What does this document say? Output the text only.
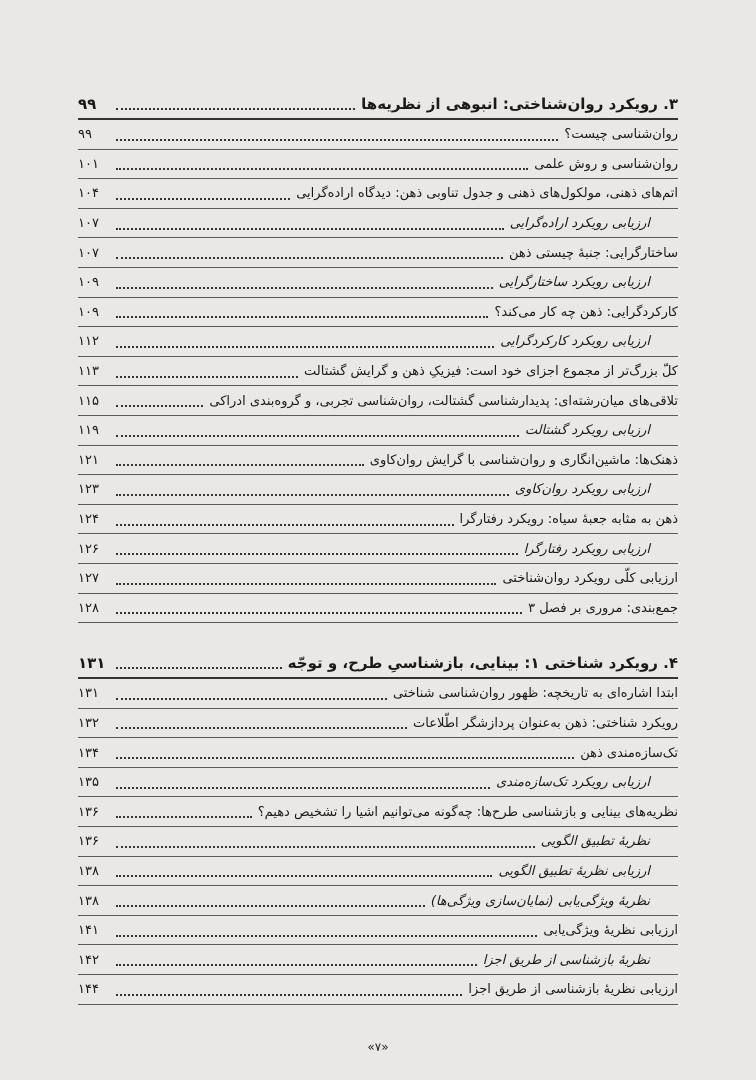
۳. رویکرد روان‌شناختی: انبوهی از نظریه‌ها
۹۹
روان‌شناسی چیست؟
۹۹
روان‌شناسی و روش علمی
۱۰۱
اتم‌های ذهنی، مولکول‌های ذهنی و جدول تناوبی ذهن: دیدگاه اراده‌گرایی
۱۰۴
ارزیابی رویکرد اراده‌گرایی
۱۰۷
ساختارگرایی: جنبهٔ چیستی ذهن
۱۰۷
ارزیابی رویکرد ساختارگرایی
۱۰۹
کارکردگرایی: ذهن چه کار می‌کند؟
۱۰۹
ارزیابی رویکرد کارکردگرایی
۱۱۲
کلّ بزرگ‌تر از مجموع اجزای خود است: فیزیکِ ذهن و گرایش گشتالت
۱۱۳
تلاقی‌های میان‌رشته‌ای: پدیدارشناسی گشتالت، روان‌شناسی تجربی، و گروه‌بندی ادراکی
۱۱۵
ارزیابی رویکرد گشتالت
۱۱۹
ذهنک‌ها: ماشین‌انگاری و روان‌شناسی با گرایش روان‌کاوی
۱۲۱
ارزیابی رویکرد روان‌کاوی
۱۲۳
ذهن به مثابه جعبهٔ سیاه: رویکرد رفتارگرا
۱۲۴
ارزیابی رویکرد رفتارگرا
۱۲۶
ارزیابی کلّی رویکرد روان‌شناختی
۱۲۷
جمع‌بندی: مروری بر فصل ۳
۱۲۸
۴. رویکرد شناختی ۱: بینایی، بازشناسیِ طرح، و توجّه
۱۳۱
ابتدا اشاره‌ای به تاریخچه: ظهور روان‌شناسی شناختی
۱۳۱
رویکرد شناختی: ذهن به‌عنوان پردازشگر اطّلاعات
۱۳۲
تک‌سازه‌مندی ذهن
۱۳۴
ارزیابی رویکرد تک‌سازه‌مندی
۱۳۵
نظریه‌های بینایی و بازشناسی طرح‌ها: چه‌گونه می‌توانیم اشیا را تشخیص دهیم؟
۱۳۶
نظریهٔ تطبیق الگویی
۱۳۶
ارزیابی نظریهٔ تطبیق الگویی
۱۳۸
نظریهٔ ویژگی‌یابی (نمایان‌سازی ویژگی‌ها)
۱۳۸
ارزیابی نظریهٔ ویژگی‌یابی
۱۴۱
نظریهٔ بازشناسی از طریق اجزا
۱۴۲
ارزیابی نظریهٔ بازشناسی از طریق اجزا
۱۴۴
«۷»
